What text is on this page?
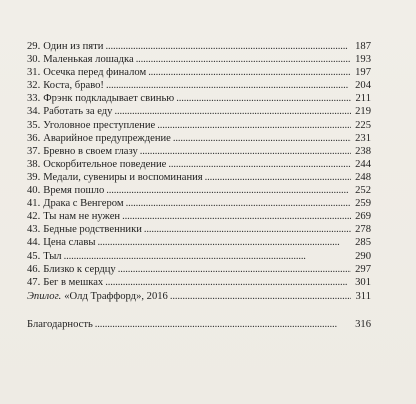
29. Один из пяти . . .	187
30. Маленькая лошадка . . .	193
31. Осечка перед финалом . . .	197
32. Коста, браво! . . .	204
33. Фрэнк подкладывает свинью . . .	211
34. Работать за еду . . .	219
35. Уголовное преступление . . .	225
36. Аварийное предупреждение . . .	231
37. Бревно в своем глазу . . .	238
38. Оскорбительное поведение . . .	244
39. Медали, сувениры и воспоминания . . .	248
40. Время пошло . . .	252
41. Драка с Венгером . . .	259
42. Ты нам не нужен . . .	269
43. Бедные родственники . . .	278
44. Цена славы . . .	285
45. Тыл . . .	290
46. Близко к сердцу . . .	297
47. Бег в мешках . . .	301
Эпилог. «Олд Траффорд», 2016 . . .	311
Благодарность . . .	316
